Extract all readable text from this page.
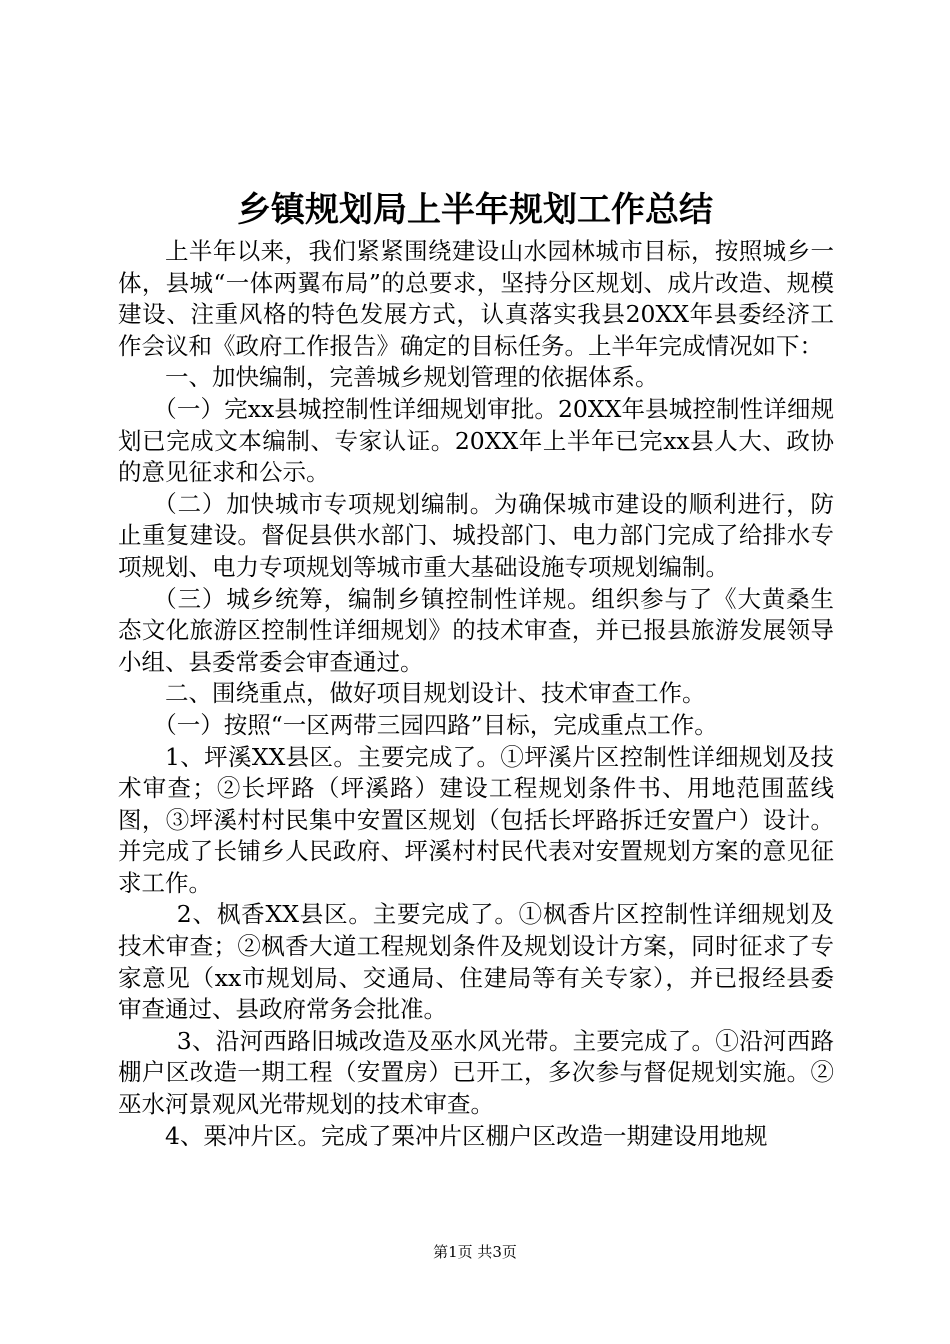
乡镇规划局上半年规划工作总结

上半年以来，我们紧紧围绕建设山水园林城市目标，按照城乡一体，县城“一体两翼布局”的总要求，坚持分区规划、成片改造、规模建设、注重风格的特色发展方式，认真落实我县20XX年县委经济工作会议和《政府工作报告》确定的目标任务。上半年完成情况如下：

一、加快编制，完善城乡规划管理的依据体系。

（一）完xx县城控制性详细规划审批。20XX年县城控制性详细规划已完成文本编制、专家认证。20XX年上半年已完xx县人大、政协的意见征求和公示。

（二）加快城市专项规划编制。为确保城市建设的顺利进行，防止重复建设。督促县供水部门、城投部门、电力部门完成了给排水专项规划、电力专项规划等城市重大基础设施专项规划编制。

（三）城乡统筹，编制乡镇控制性详规。组织参与了《大黄桑生态文化旅游区控制性详细规划》的技术审查，并已报县旅游发展领导小组、县委常委会审查通过。

二、围绕重点，做好项目规划设计、技术审查工作。

（一）按照“一区两带三园四路”目标，完成重点工作。

1、坪溪XX县区。主要完成了。①坪溪片区控制性详细规划及技术审查；②长坪路（坪溪路）建设工程规划条件书、用地范围蓝线图，③坪溪村村民集中安置区规划（包括长坪路拆迁安置户）设计。并完成了长铺乡人民政府、坪溪村村民代表对安置规划方案的意见征求工作。

2、枫香XX县区。主要完成了。①枫香片区控制性详细规划及技术审查；②枫香大道工程规划条件及规划设计方案，同时征求了专家意见（xx市规划局、交通局、住建局等有关专家），并已报经县委审查通过、县政府常务会批准。

3、沿河西路旧城改造及巫水风光带。主要完成了。①沿河西路棚户区改造一期工程（安置房）已开工，多次参与督促规划实施。②巫水河景观风光带规划的技术审查。

4、栗冲片区。完成了栗冲片区棚户区改造一期建设用地规

第1页 共3页
